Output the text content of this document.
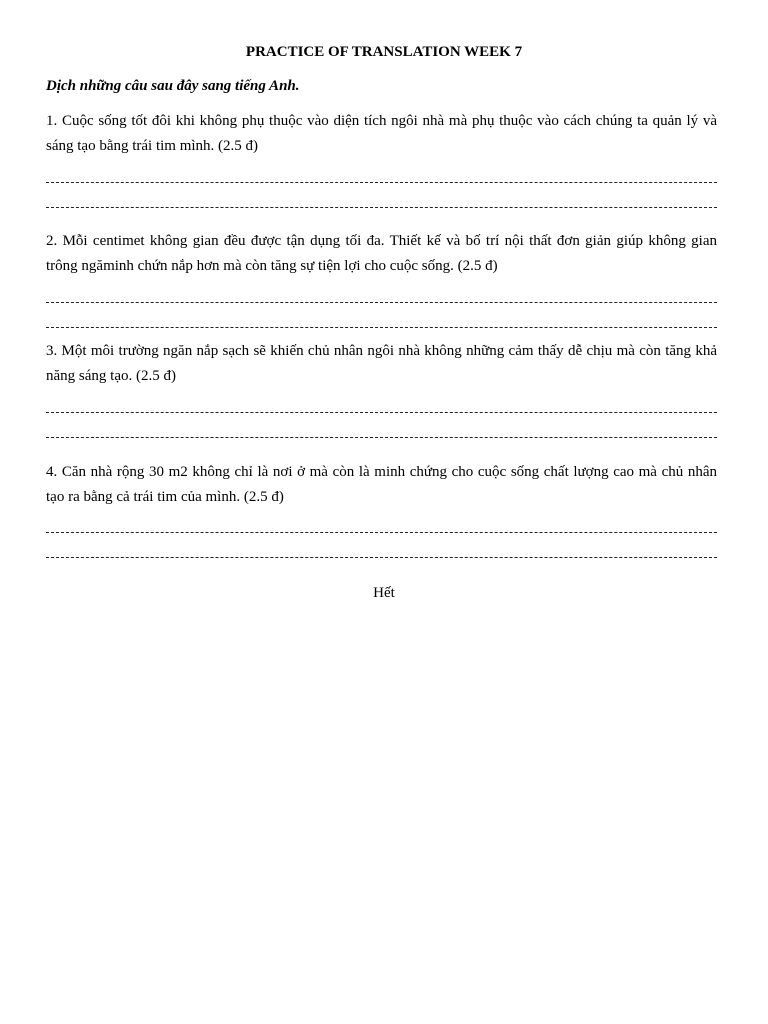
PRACTICE OF TRANSLATION WEEK 7
Dịch những câu sau đây sang tiếng Anh.
1. Cuộc sống tốt đôi khi không phụ thuộc vào diện tích ngôi nhà mà phụ thuộc vào cách chúng ta quản lý và sáng tạo bằng trái tim mình. (2.5 đ)
2. Mỗi centimet không gian đều được tận dụng tối đa. Thiết kế và bố trí nội thất đơn giản giúp không gian trông ngăminh chứn nắp hơn mà còn tăng sự tiện lợi cho cuộc sống. (2.5 đ)
3. Một môi trường ngăn nắp sạch sẽ khiến chủ nhân ngôi nhà không những cảm thấy dễ chịu mà còn tăng khả năng sáng tạo. (2.5 đ)
4. Căn nhà rộng 30 m2 không chỉ là nơi ở mà còn là minh chứng cho cuộc sống chất lượng cao mà chủ nhân tạo ra bằng cả trái tim của mình. (2.5 đ)
Hết
